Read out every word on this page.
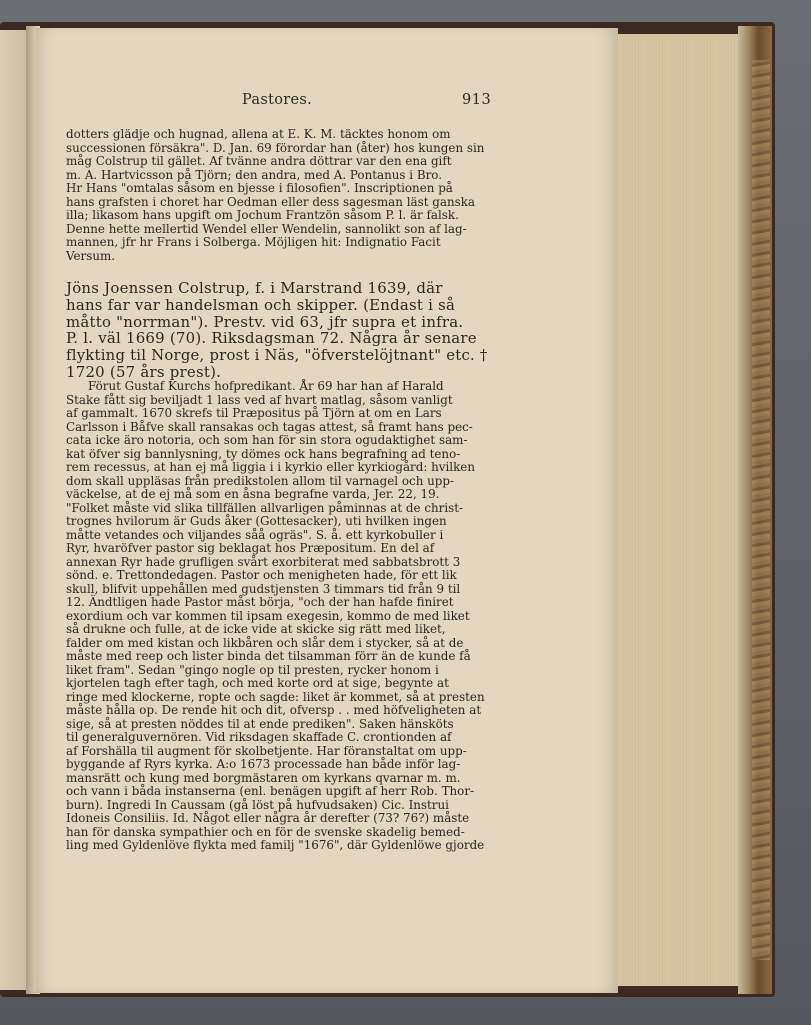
Pastores.	913
dotters glädje och hugnad, allena at E. K. M. täcktes honom om
successionen försäkra". D. Jan. 69 förordar han (åter) hos kungen sin
måg Colstrup til gället. Af tvänne andra döttrar var den ena gift
m. A. Hartvicsson på Tjörn; den andra, med A. Pontanus i Bro.
Hr Hans "omtalas såsom en bjesse i filosofien". Inscriptionen på
hans grafsten i choret har Oedman eller dess sagesman läst ganska
illa; likasom hans upgift om Jochum Frantzön såsom P. l. är falsk.
Denne hette mellertid Wendel eller Wendelin, sannolikt son af lag-
mannen, jfr hr Frans i Solberga. Möjligen hit: Indignatio Facit
Versum.
Jöns Joenssen Colstrup, f. i Marstrand 1639, där
hans far var handelsman och skipper. (Endast i så
måtto "norrman"). Prestv. vid 63, jfr supra et infra.
P. l. väl 1669 (70). Riksdagsman 72. Några år senare
flykting til Norge, prost i Näs, "öfverstelöjtnant" etc. †
1720 (57 års prest).
Förut Gustaf Kurchs hofpredikant. År 69 har han af Harald
Stake fått sig beviljadt 1 lass ved af hvart matlag, såsom vanligt
af gammalt. 1670 skrefs til Præpositus på Tjörn at om en Lars
Carlsson i Båfve skall ransakas och tagas attest, så framt hans pec-
cata icke äro notoria, och som han för sin stora ogudaktighet sam-
kat öfver sig bannlysning, ty dömes ock hans begrafning ad teno-
rem recessus, at han ej må liggia i i kyrkio eller kyrkiogård: hvilken
dom skall uppläsas från predikstolen allom til varnagel och upp-
väckelse, at de ej må som en åsna begrafne varda, Jer. 22, 19.
"Folket måste vid slika tillfällen allvarligen påminnas at de christ-
trognes hvilorum är Guds åker (Gottesacker), uti hvilken ingen
måtte vetandes och viljandes såå ogräs". S. å. ett kyrkobuller i
Ryr, hvaröfver pastor sig beklagat hos Præpositum. En del af
annexan Ryr hade grufligen svårt exorbiterat med sabbatsbrott 3
sönd. e. Trettondedagen. Pastor och menigheten hade, för ett lik
skull, blifvit uppehållen med gudstjensten 3 timmars tid från 9 til
12. Ändtligen hade Pastor måst börja, "och der han hafde finiret
exordium och var kommen til ipsam exegesin, kommo de med liket
så drukne och fulle, at de icke vide at skicke sig rätt med liket,
falder om med kistan och likbåren och slår dem i stycker, så at de
måste med reep och lister binda det tilsamman förr än de kunde få
liket fram". Sedan "gingo nogle op til presten, rycker honom i
kjortelen tagh efter tagh, och med korte ord at sige, begynte at
ringe med klockerne, ropte och sagde: liket är kommet, så at presten
måste hålla op. De rende hit och dit, ofversp . . med höfveligheten at
sige, så at presten nöddes til at ende prediken". Saken hänsköts
til generalguvernören. Vid riksdagen skaffade C. crontionden af
af Forshälla til augment för skolbetjente. Har föranstaltat om upp-
byggande af Ryrs kyrka. A:o 1673 processade han både inför lag-
mansrätt och kung med borgmästaren om kyrkans qvarnar m. m.
och vann i båda instanserna (enl. benägen upgift af herr Rob. Thor-
burn). Ingredi In Caussam (gå löst på hufvudsaken) Cic. Instrui
Idoneis Consiliis. Id. Något eller några år derefter (73? 76?) måste
han för danska sympathier och en för de svenske skadelig bemed-
ling med Gyldenlöve flykta med familj "1676", där Gyldenlöwe gjorde
